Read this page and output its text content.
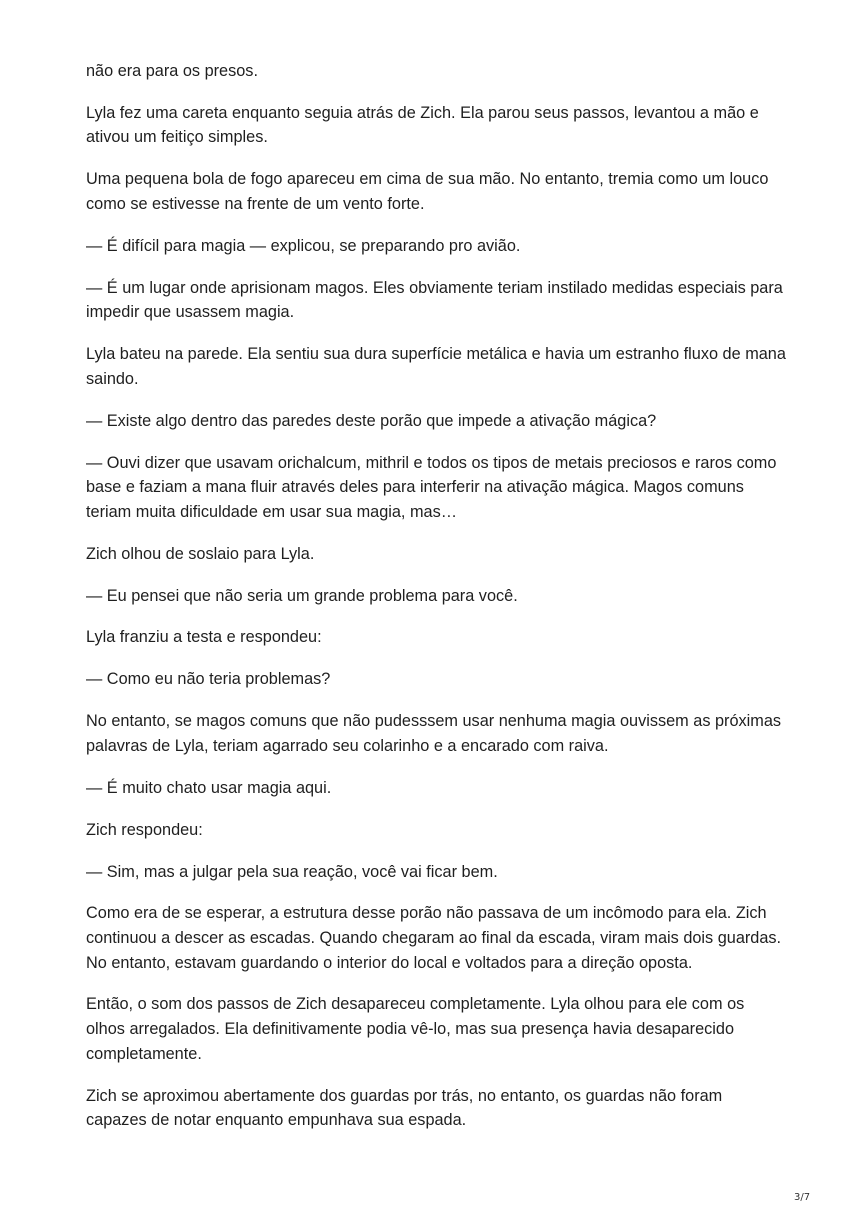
não era para os presos.

Lyla fez uma careta enquanto seguia atrás de Zich. Ela parou seus passos, levantou a mão e ativou um feitiço simples.

Uma pequena bola de fogo apareceu em cima de sua mão. No entanto, tremia como um louco como se estivesse na frente de um vento forte.

— É difícil para magia — explicou, se preparando pro avião.

— É um lugar onde aprisionam magos. Eles obviamente teriam instilado medidas especiais para impedir que usassem magia.

Lyla bateu na parede. Ela sentiu sua dura superfície metálica e havia um estranho fluxo de mana saindo.

— Existe algo dentro das paredes deste porão que impede a ativação mágica?

— Ouvi dizer que usavam orichalcum, mithril e todos os tipos de metais preciosos e raros como base e faziam a mana fluir através deles para interferir na ativação mágica. Magos comuns teriam muita dificuldade em usar sua magia, mas…

Zich olhou de soslaio para Lyla.

— Eu pensei que não seria um grande problema para você.

Lyla franziu a testa e respondeu:

— Como eu não teria problemas?

No entanto, se magos comuns que não pudesssem usar nenhuma magia ouvissem as próximas palavras de Lyla, teriam agarrado seu colarinho e a encarado com raiva.

— É muito chato usar magia aqui.

Zich respondeu:

— Sim, mas a julgar pela sua reação, você vai ficar bem.

Como era de se esperar, a estrutura desse porão não passava de um incômodo para ela. Zich continuou a descer as escadas. Quando chegaram ao final da escada, viram mais dois guardas. No entanto, estavam guardando o interior do local e voltados para a direção oposta.

Então, o som dos passos de Zich desapareceu completamente. Lyla olhou para ele com os olhos arregalados. Ela definitivamente podia vê-lo, mas sua presença havia desaparecido completamente.

Zich se aproximou abertamente dos guardas por trás, no entanto, os guardas não foram capazes de notar enquanto empunhava sua espada.

3/7
